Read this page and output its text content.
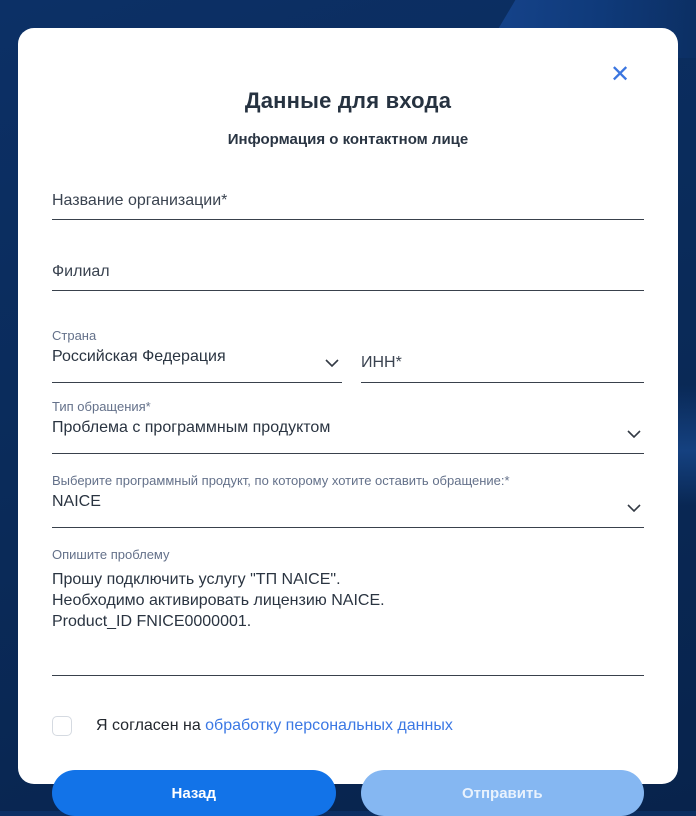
✕
Данные для входа
Информация о контактном лице
Название организации*
Филиал
Страна
Российская Федерация
ИНН*
Тип обращения*
Проблема с программным продуктом
Выберите программный продукт, по которому хотите оставить обращение:*
NAICE
Опишите проблему
Прошу подключить услугу "ТП NAICE". Необходимо активировать лицензию NAICE. Product_ID FNICE0000001.
Я согласен на обработку персональных данных
Назад	Отправить
